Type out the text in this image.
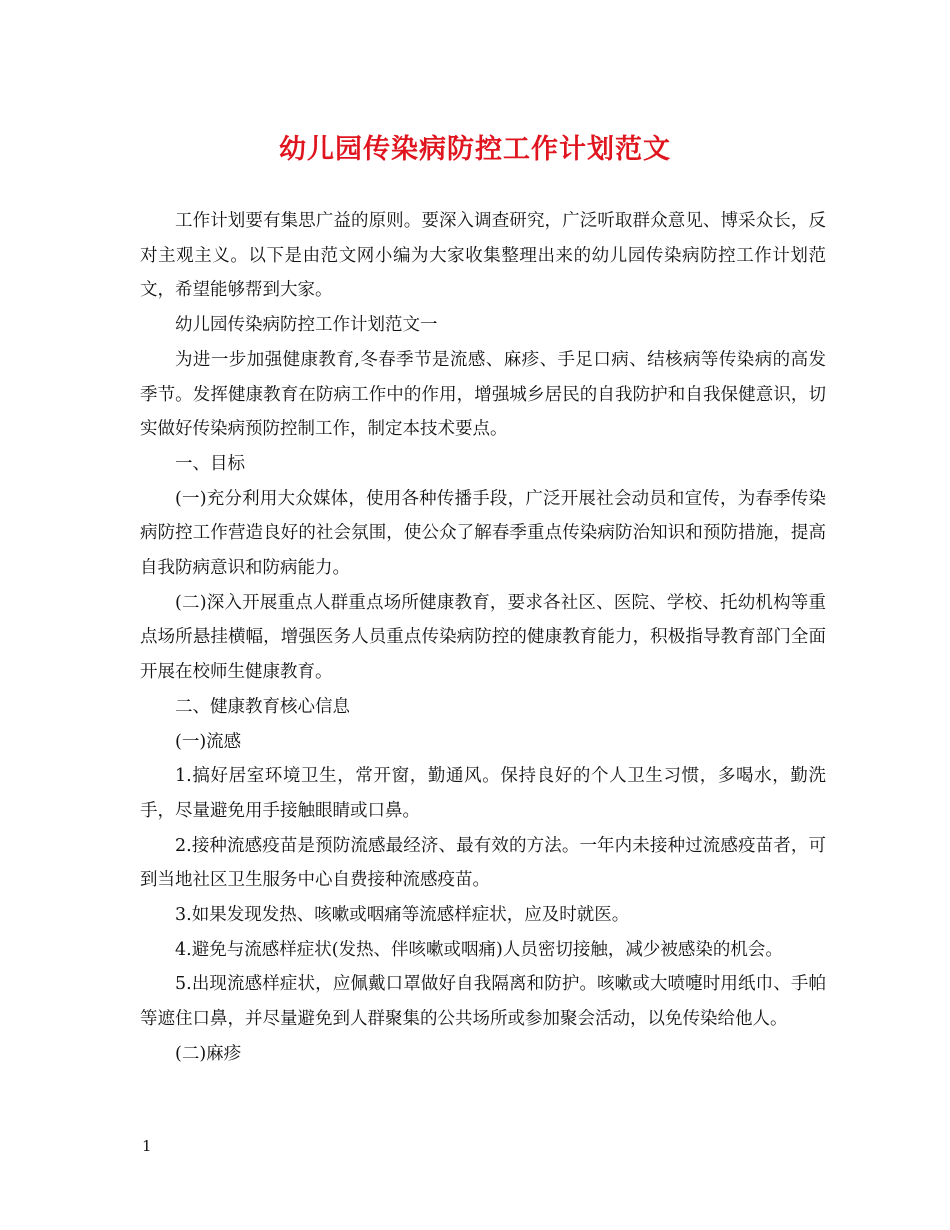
幼儿园传染病防控工作计划范文

工作计划要有集思广益的原则。要深入调查研究，广泛听取群众意见、博采众长，反对主观主义。以下是由范文网小编为大家收集整理出来的幼儿园传染病防控工作计划范文，希望能够帮到大家。

幼儿园传染病防控工作计划范文一

为进一步加强健康教育,冬春季节是流感、麻疹、手足口病、结核病等传染病的高发季节。发挥健康教育在防病工作中的作用，增强城乡居民的自我防护和自我保健意识，切实做好传染病预防控制工作，制定本技术要点。

一、目标

(一)充分利用大众媒体，使用各种传播手段，广泛开展社会动员和宣传，为春季传染病防控工作营造良好的社会氛围，使公众了解春季重点传染病防治知识和预防措施，提高自我防病意识和防病能力。

(二)深入开展重点人群重点场所健康教育，要求各社区、医院、学校、托幼机构等重点场所悬挂横幅，增强医务人员重点传染病防控的健康教育能力，积极指导教育部门全面开展在校师生健康教育。

二、健康教育核心信息

(一)流感

1.搞好居室环境卫生，常开窗，勤通风。保持良好的个人卫生习惯，多喝水，勤洗手，尽量避免用手接触眼睛或口鼻。

2.接种流感疫苗是预防流感最经济、最有效的方法。一年内未接种过流感疫苗者，可到当地社区卫生服务中心自费接种流感疫苗。

3.如果发现发热、咳嗽或咽痛等流感样症状，应及时就医。

4.避免与流感样症状(发热、伴咳嗽或咽痛)人员密切接触，减少被感染的机会。

5.出现流感样症状，应佩戴口罩做好自我隔离和防护。咳嗽或大喷嚏时用纸巾、手帕等遮住口鼻，并尽量避免到人群聚集的公共场所或参加聚会活动，以免传染给他人。

(二)麻疹

1
